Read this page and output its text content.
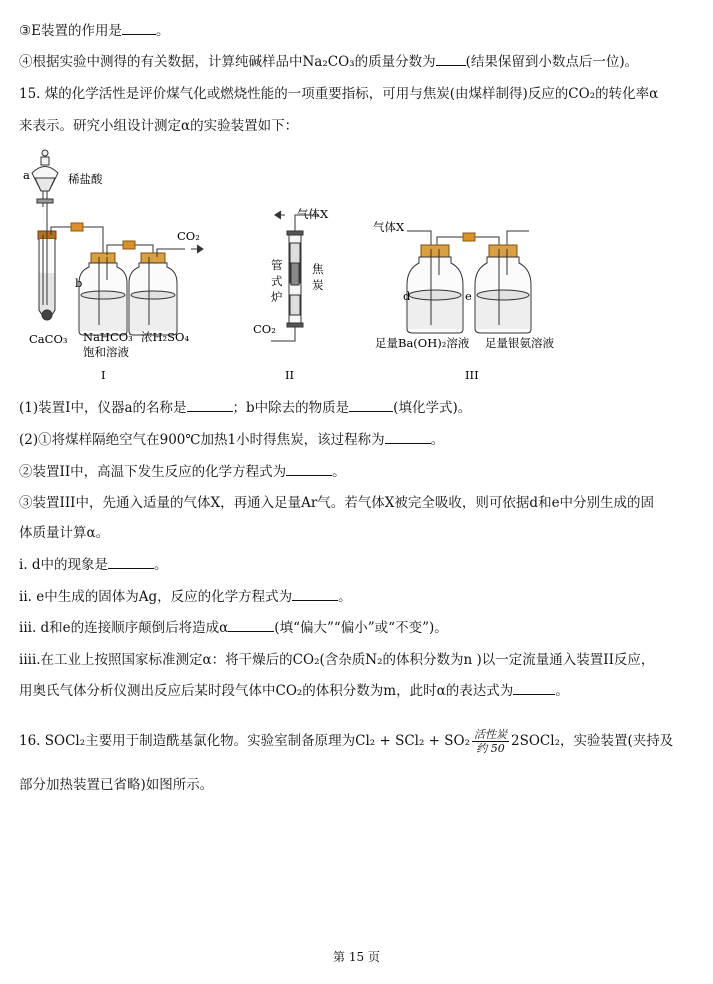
③E装置的作用是	。
④根据实验中测得的有关数据，计算纯碱样品中Na₂CO₃的质量分数为 (结果保留到小数点后一位)。
15. 煤的化学活性是评价煤气化或燃烧性能的一项重要指标，可用与焦炭(由煤样制得)反应的CO₂的转化率α
来表示。研究小组设计测定α的实验装置如下：
a	稀盐酸
b
CO₂
CaCO₃ NaHCO₃
饱和溶液
浓H₂SO₄
I
气体X
管
式
炉
焦
炭
CO₂
II
气体X
d	e
足量Ba(OH)₂溶液 足量银氨溶液
III
(1)装置I中，仪器a的名称是	；b中除去的物质是	(填化学式)。
(2)①将煤样隔绝空气在900℃加热1小时得焦炭，该过程称为	。
②装置II中，高温下发生反应的化学方程式为	。
③装置III中，先通入适量的气体X，再通入足量Ar气。若气体X被完全吸收，则可依据d和e中分别生成的固
体质量计算α。
i. d中的现象是	。
ii. e中生成的固体为Ag，反应的化学方程式为	。
iii. d和e的连接顺序颠倒后将造成α	(填“偏大”“偏小”或“不变”)。
iiii.在工业上按照国家标准测定α：将干燥后的CO₂(含杂质N₂的体积分数为n )以一定流量通入装置II反应，
用奥氏气体分析仪测出反应后某时段气体中CO₂的体积分数为m，此时α的表达式为	。
16. SOCl₂主要用于制造酰基氯化物。实验室制备原理为$Cl_2 + SCl_2 + SO_2 \frac{\text{活性炭}}{\text{约 50}}$ 2SOCl₂，实验装置(夹持及
部分加热装置已省略)如图所示。
第 15 页
